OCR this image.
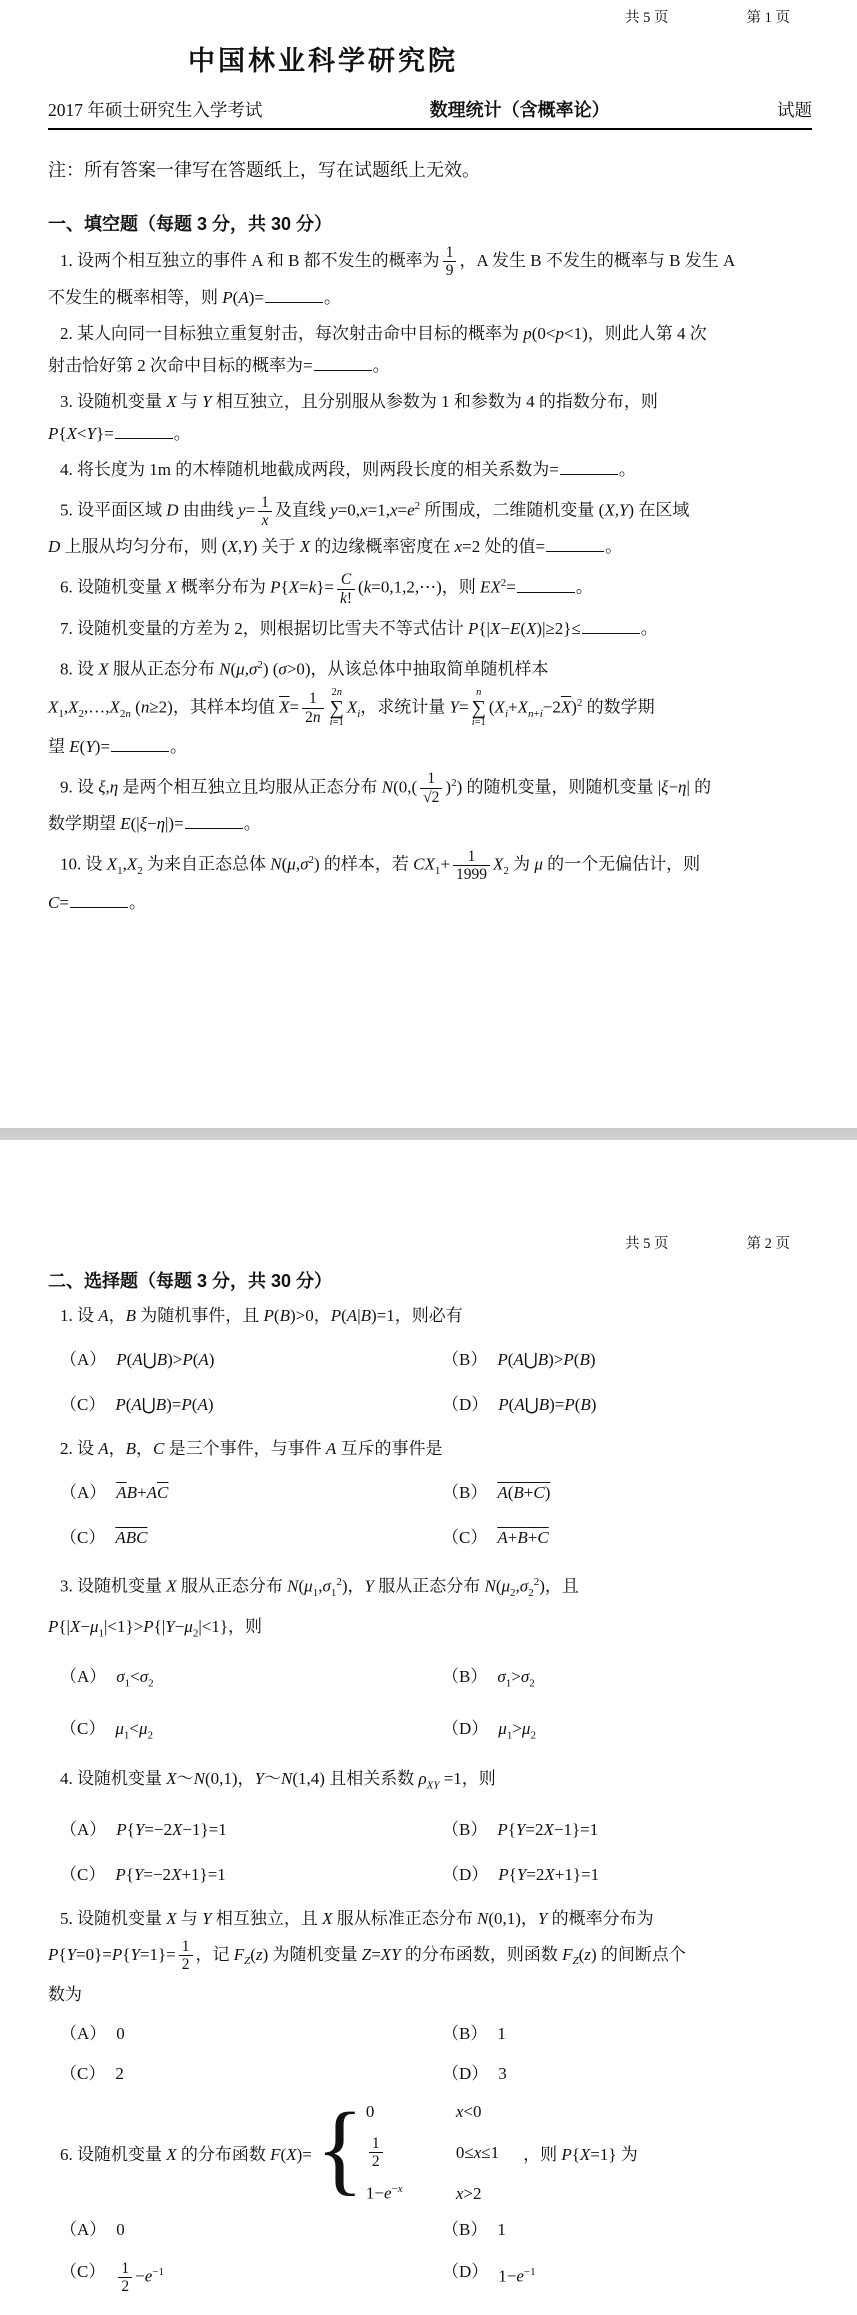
共 5 页	第 1 页
中国林业科学研究院
2017 年硕士研究生入学考试	数理统计（含概率论）	试题
注：所有答案一律写在答题纸上，写在试题纸上无效。
一、填空题（每题 3 分，共 30 分）
1. 设两个相互独立的事件 A 和 B 都不发生的概率为 $\frac{1}{9}$ ，A 发生 B 不发生的概率与 B 发生 A
不发生的概率相等，则 P(A)=	。
2. 某人向同一目标独立重复射击，每次射击命中目标的概率为 p(0<p<1)，则此人第 4 次
射击恰好第 2 次命中目标的概率为=	。
3. 设随机变量 X 与 Y 相互独立，且分别服从参数为 1 和参数为 4 的指数分布，则
P{X<Y}=	。
4. 将长度为 1m 的木棒随机地截成两段，则两段长度的相关系数为=	。
5. 设平面区域 D 由曲线 $y= \frac{1}{x}$ 及直线 $y=0,x=1,x=e^2$ 所围成，二维随机变量 (X,Y) 在区域
D 上服从均匀分布，则 (X,Y) 关于 X 的边缘概率密度在 x=2 处的值=	。
6. 设随机变量 X 概率分布为 $P\{X=k\}= \frac{C}{k!}$ (k=0,1,2,⋯)，则 $EX^2=$	。
7. 设随机变量的方差为 2，则根据切比雪夫不等式估计 P{|X−E(X)|≥2}≤	。
8. 设 X 服从正态分布 $N(\mu,\sigma^2)$ (σ>0)，从该总体中抽取简单随机样本
$X_1,X_2,\dots,X_{2n}$ (n≥2)，其样本均值 $\overline{X}= \frac{1}{2n} 2n$
∑
i=1
$X_i$，求统计量 Y=
n
∑
i=1
$(X_i+X_{n+i}-2\overline{X})^2$ 的数学期
望 E(Y)=	。
9. 设 ξ,η 是两个相互独立且均服从正态分布 $N(0,( \frac{1}{√2} )^2)$ 的随机变量，则随机变量 |ξ−η| 的
数学期望 E(|ξ−η|)=	。
10. 设 $X_1,X_2$ 为来自正态总体 $N(\mu,\sigma^2)$ 的样本，若 $CX_1+ \frac{1}{1999} X_2$ 为 μ 的一个无偏估计，则
C=	。
共 5 页	第 2 页
二、选择题（每题 3 分，共 30 分）
1. 设 A，B 为随机事件，且 P(B)>0，P(A|B)=1，则必有
（A） P(A⋃B)>P(A)	（B） P(A⋃B)>P(B)
（C） P(A⋃B)=P(A)	（D） P(A⋃B)=P(B)
2. 设 A，B，C 是三个事件，与事件 A 互斥的事件是
（A） $\overline{A}B+A\overline{C}$	（B） A(B+C)
（C） $\overline{ABC}$	（C） A+B+C
3. 设随机变量 X 服从正态分布 $N(\mu_1,\sigma_1^2)$，Y 服从正态分布 $N(\mu_2,\sigma_2^2)$，且
$P\{|X-\mu_1|<1\}>P\{|Y-\mu_2|<1\}$，则
（A） $\sigma_1<\sigma_2$	（B） $\sigma_1>\sigma_2$
（C） $\mu_1<\mu_2$	（D） $\mu_1>\mu_2$
4. 设随机变量 X～N(0,1)，Y～N(1,4) 且相关系数 $\rho_{XY} =1$，则
（A） P{Y=−2X−1}=1	（B） P{Y=2X−1}=1
（C） P{Y=−2X+1}=1	（D） P{Y=2X+1}=1
5. 设随机变量 X 与 Y 相互独立，且 X 服从标准正态分布 N(0,1)，Y 的概率分布为
$P\{Y=0\}=P\{Y=1\}= \frac{1}{2}$ ，记 $F_Z(z)$ 为随机变量 Z=XY 的分布函数，则函数 $F_Z(z)$ 的间断点个
数为
（A） 0	（B） 1
（C） 2	（D） 3
6. 设随机变量 X 的分布函数 F(X)= { 0	x<0
$\frac{1}{2}$	0≤x≤1
$1-e^{-x}$	x>2
，则 P{X=1} 为
（A） 0	（B） 1
$(C) \frac{1}{2} -e^{-1}$	（D） $1-e^{-1}$
